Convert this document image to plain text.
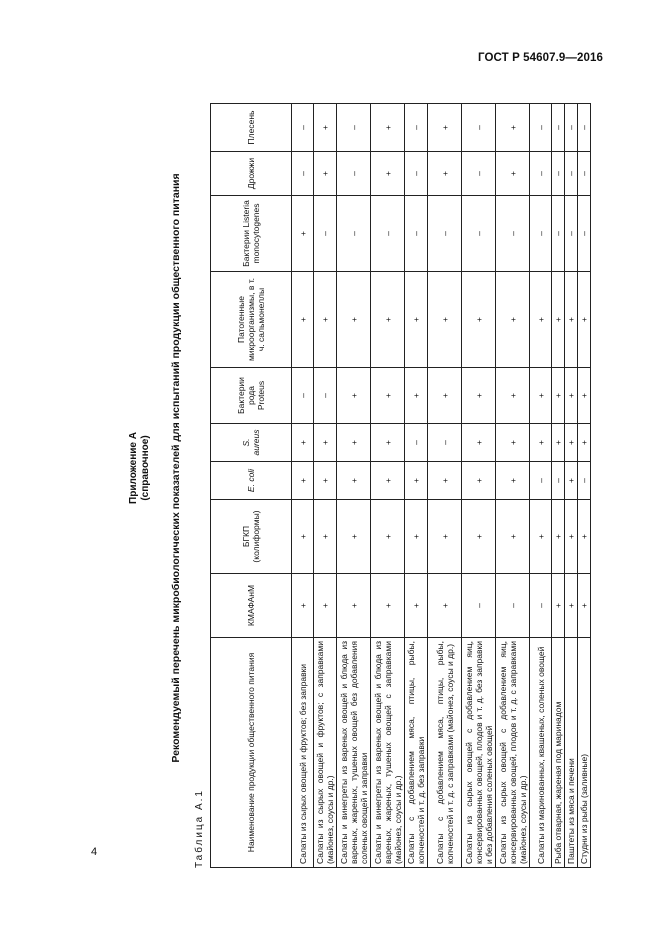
ГОСТ Р 54607.9—2016
4
Приложение А (справочное) Рекомендуемый перечень микробиологических показателей для испытаний продукции общественного питания
Таблица А.1	Наименование продукции общественного питания	КМАФАнМ	БГКП (колиформы)	E. coli	S. aureus	Бактерии рода Proteus	Патогенные микроорганизмы, в т. ч. сальмонеллы	Бактерии Listeria monocytogenes	Дрожжи	Плесень
Салаты из сырых овощей и фруктов; без заправки	+	+	+	+	–	+	+	–	–
Салаты из сырых овощей и фруктов; с заправками (майонез, соусы и др.)	+	+	+	+	–	+	–	+	+
Салаты и винегреты из вареных овощей и блюда из вареных, жареных, тушеных овощей без добавления соленых овощей и заправки	+	+	+	+	+	+	–	–	–
Салаты и винегреты из вареных овощей и блюда из вареных, жареных, тушеных овощей с заправками (майонез, соусы и др.)	+	+	+	+	+	+	–	+	+
Салаты с добавлением мяса, птицы, рыбы, копченостей и т. д. без заправки	+	+	+	–	+	+	–	–	–
Салаты с добавлением мяса, птицы, рыбы, копченостей и т. д. с заправками (майонез, соусы и др.)	+	+	+	–	+	+	–	+	+
Салаты из сырых овощей с добавлением яиц, консервированных овощей, плодов и т. д. без заправки и без добавления соленых овощей	–	+	+	+	+	+	–	–	–
Салаты из сырых овощей с добавлением яиц, консервированных овощей, плодов и т. д. с заправками (майонез, соусы и др.)	–	+	+	+	+	+	–	+	+
Салаты из маринованных, квашеных, соленых овощей	–	+	–	+	+	+	–	–	–
Рыба отварная, жареная под маринадом	+	+	–	+	+	+	–	–	–
Паштеты из мяса и печени	+	+	+	+	+	+	–	–	–
Студни из рыбы (заливные)	+	+	–	+	+	+	–	–	–
